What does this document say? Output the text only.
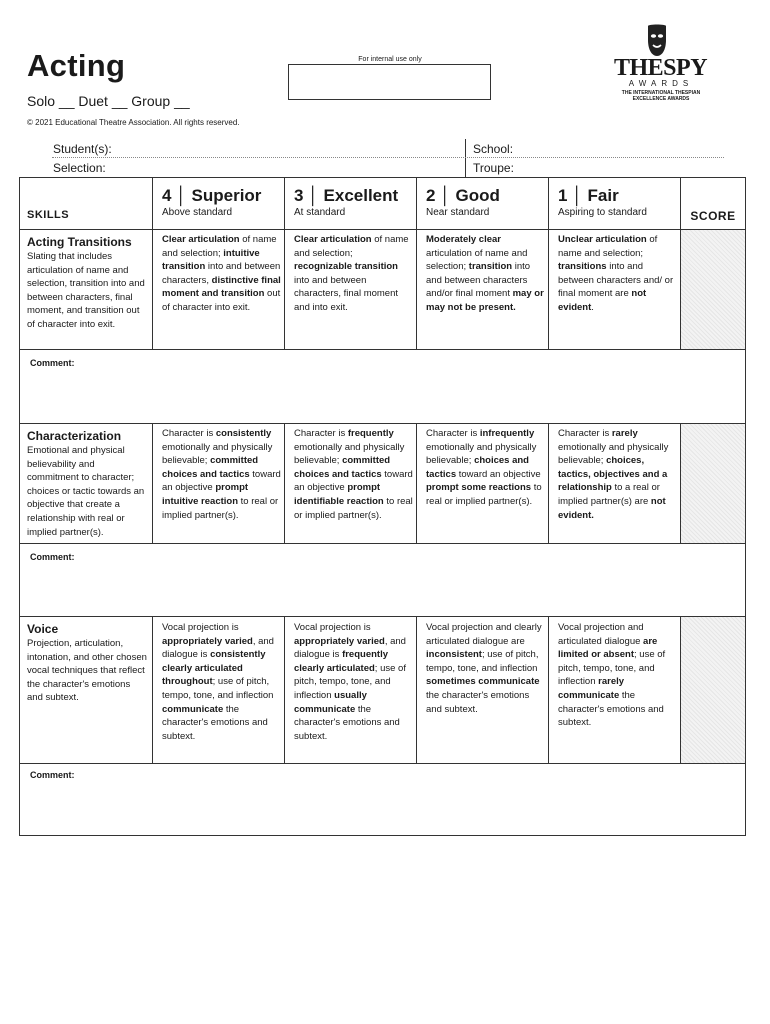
Acting
Solo __ Duet __ Group __
© 2021 Educational Theatre Association. All rights reserved.
For internal use only	THESPY
AWARDS
THE INTERNATIONAL THESPIAN EXCELLENCE AWARDS
Student(s):
Selection:
School:
Troupe:
SKILLS
4 │ Superior
Above standard
3 │ Excellent
At standard
2 │ Good
Near standard
1 │ Fair
Aspiring to standard	SCORE
Acting Transitions
Slating that includes articulation of name and selection, transition into and between characters, final moment, and transition out of character into exit.
Clear articulation of name and selection; intuitive transition into and between characters, distinctive final moment and transition out of character into exit.
Clear articulation of name and selection; recognizable transition into and between characters, final moment and into exit.
Moderately clear articulation of name and selection; transition into and between characters and/or final moment may or may not be present.
Unclear articulation of name and selection; transitions into and between characters and/ or final moment are not evident.
Comment:
Characterization
Emotional and physical believability and commitment to character; choices or tactic towards an objective that create a relationship with real or implied partner(s).
Character is consistently emotionally and physically believable; committed choices and tactics toward an objective prompt intuitive reaction to real or implied partner(s).
Character is frequently emotionally and physically believable; committed choices and tactics toward an objective prompt identifiable reaction to real or implied partner(s).
Character is infrequently emotionally and physically believable; choices and tactics toward an objective prompt some reactions to real or implied partner(s).
Character is rarely emotionally and physically believable; choices, tactics, objectives and a relationship to a real or implied partner(s) are not evident.
Comment:
Voice
Projection, articulation, intonation, and other chosen vocal techniques that reflect the character's emotions and subtext.
Vocal projection is appropriately varied, and dialogue is consistently clearly articulated throughout; use of pitch, tempo, tone, and inflection communicate the character's emotions and subtext.
Vocal projection is appropriately varied, and dialogue is frequently clearly articulated; use of pitch, tempo, tone, and inflection usually communicate the character's emotions and subtext.
Vocal projection and clearly articulated dialogue are inconsistent; use of pitch, tempo, tone, and inflection sometimes communicate the character's emotions and subtext.
Vocal projection and articulated dialogue are limited or absent; use of pitch, tempo, tone, and inflection rarely communicate the character's emotions and subtext.
Comment:
